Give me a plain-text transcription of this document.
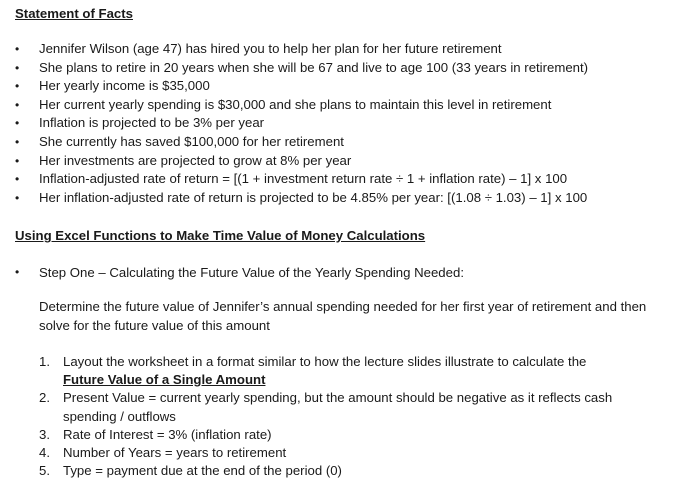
Statement of Facts
• Jennifer Wilson (age 47) has hired you to help her plan for her future retirement
• She plans to retire in 20 years when she will be 67 and live to age 100 (33 years in retirement)
• Her yearly income is $35,000
• Her current yearly spending is $30,000 and she plans to maintain this level in retirement
• Inflation is projected to be 3% per year
• She currently has saved $100,000 for her retirement
• Her investments are projected to grow at 8% per year
• Inflation-adjusted rate of return = [(1 + investment return rate ÷ 1 + inflation rate) – 1] x 100
• Her inflation-adjusted rate of return is projected to be 4.85% per year: [(1.08 ÷ 1.03) – 1] x 100
Using Excel Functions to Make Time Value of Money Calculations
• Step One – Calculating the Future Value of the Yearly Spending Needed:
Determine the future value of Jennifer’s annual spending needed for her first year of retirement and then solve for the future value of this amount
1. Layout the worksheet in a format similar to how the lecture slides illustrate to calculate the
Future Value of a Single Amount
2. Present Value = current yearly spending, but the amount should be negative as it reflects cash spending / outflows
3. Rate of Interest = 3% (inflation rate)
4. Number of Years = years to retirement
5. Type = payment due at the end of the period (0)
